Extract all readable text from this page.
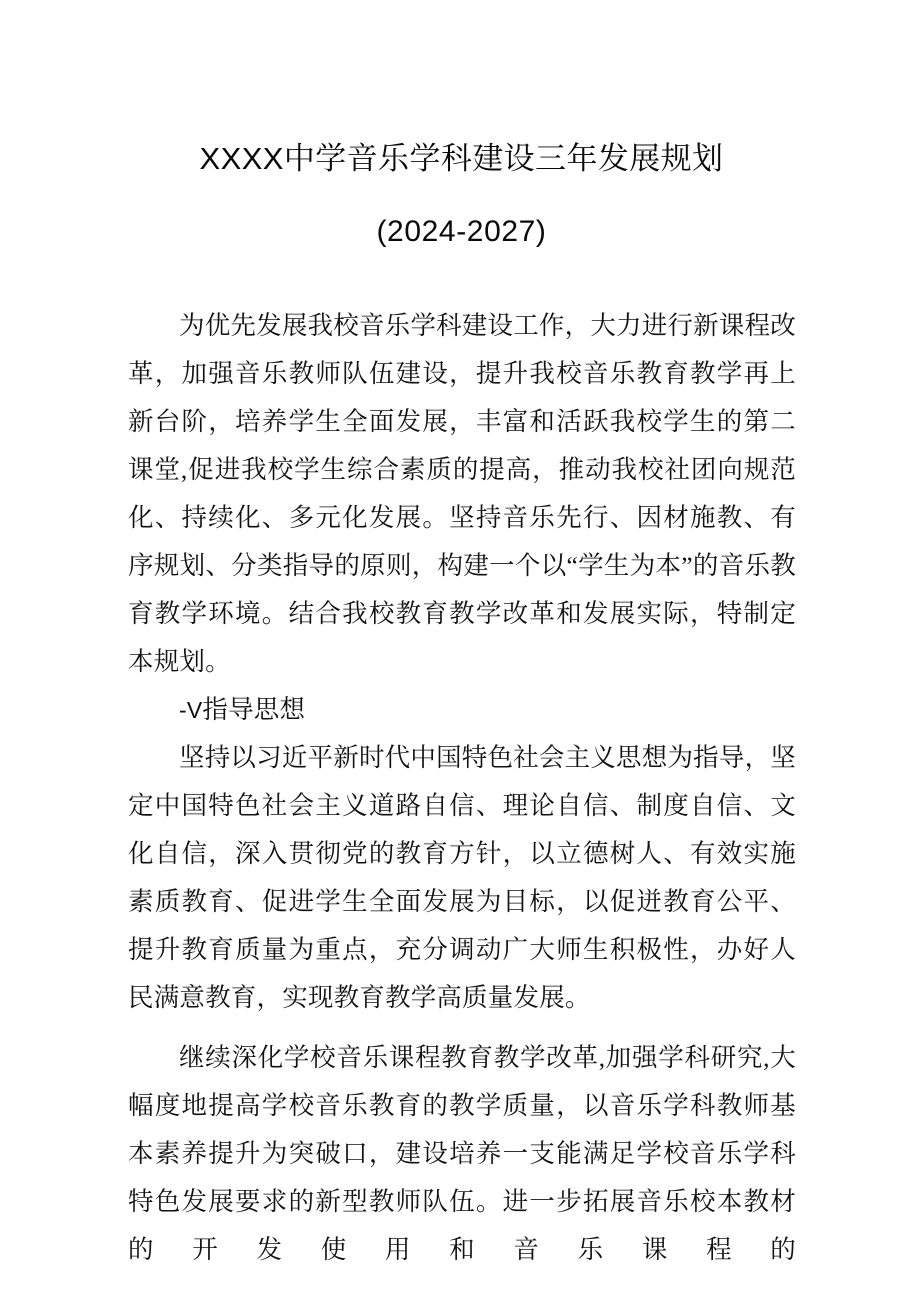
XXXX中学音乐学科建设三年发展规划
(2024-2027)

为优先发展我校音乐学科建设工作，大力进行新课程改革，加强音乐教师队伍建设，提升我校音乐教育教学再上新台阶，培养学生全面发展，丰富和活跃我校学生的第二课堂,促进我校学生综合素质的提高，推动我校社团向规范化、持续化、多元化发展。坚持音乐先行、因材施教、有序规划、分类指导的原则，构建一个以“学生为本”的音乐教育教学环境。结合我校教育教学改革和发展实际，特制定本规划。

-V指导思想

坚持以习近平新时代中国特色社会主义思想为指导，坚定中国特色社会主义道路自信、理论自信、制度自信、文化自信，深入贯彻党的教育方针，以立德树人、有效实施素质教育、促进学生全面发展为目标，以促迸教育公平、提升教育质量为重点，充分调动广大师生积极性，办好人民满意教育，实现教育教学高质量发展。

继续深化学校音乐课程教育教学改革,加强学科研究,大幅度地提高学校音乐教育的教学质量，以音乐学科教师基本素养提升为突破口，建设培养一支能满足学校音乐学科特色发展要求的新型教师队伍。进一步拓展音乐校本教材的开发使用和音乐课程的
